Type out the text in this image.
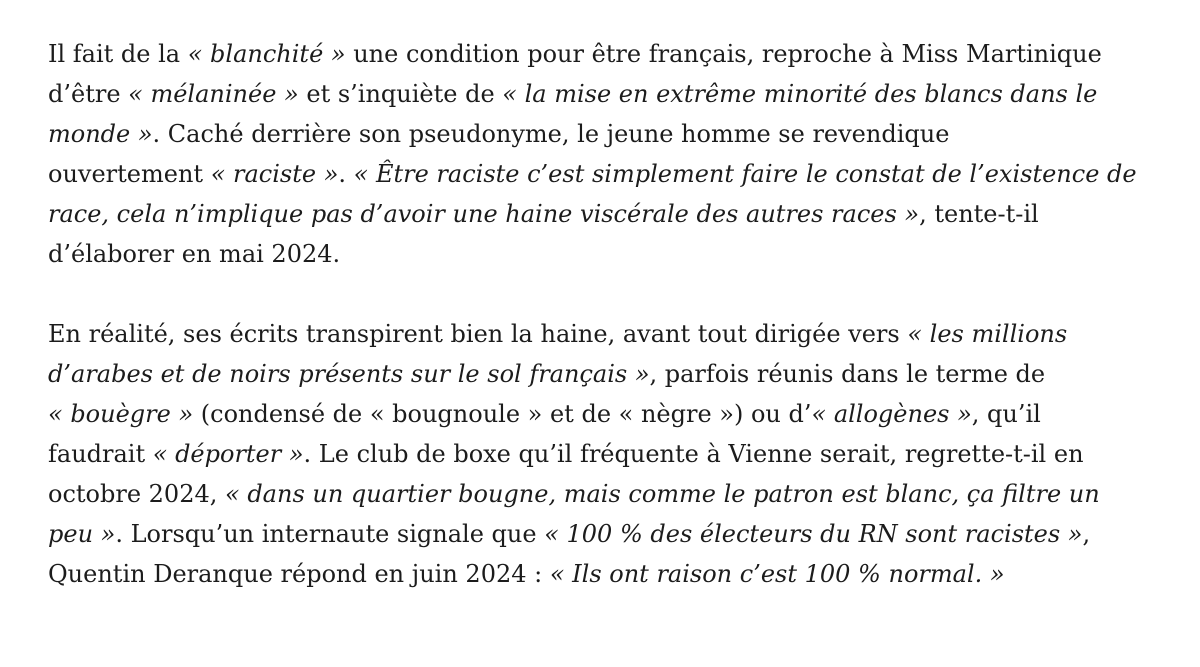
Il fait de la « blanchité » une condition pour être français, reproche à Miss Martinique
d’être « mélaninée » et s’inquiète de « la mise en extrême minorité des blancs dans le
monde ». Caché derrière son pseudonyme, le jeune homme se revendique
ouvertement « raciste ». « Être raciste c’est simplement faire le constat de l’existence de
race, cela n’implique pas d’avoir une haine viscérale des autres races », tente-t-il
d’élaborer en mai 2024.

En réalité, ses écrits transpirent bien la haine, avant tout dirigée vers « les millions
d’arabes et de noirs présents sur le sol français », parfois réunis dans le terme de
« bouègre » (condensé de « bougnoule » et de « nègre ») ou d’« allogènes », qu’il
faudrait « déporter ». Le club de boxe qu’il fréquente à Vienne serait, regrette-t-il en
octobre 2024, « dans un quartier bougne, mais comme le patron est blanc, ça filtre un
peu ». Lorsqu’un internaute signale que « 100 % des électeurs du RN sont racistes »,
Quentin Deranque répond en juin 2024 : « Ils ont raison c’est 100 % normal. »
